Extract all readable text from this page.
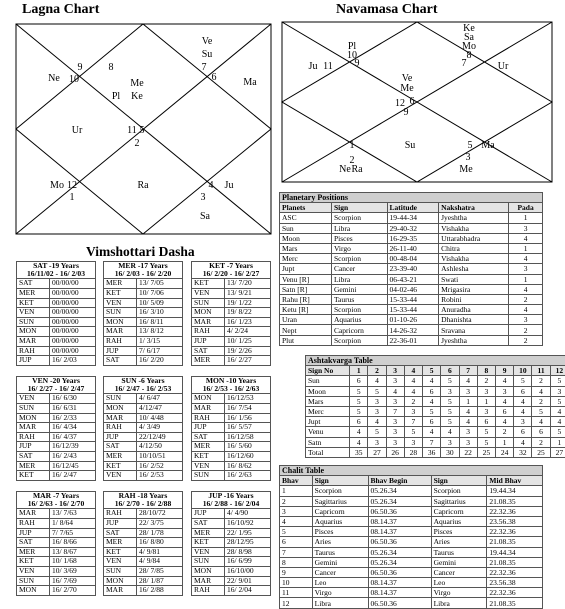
Lagna Chart
Ve
Su
7
6	Ma
8
Ne 10
9
Me
Pl Ke
Ur	11 5
2
Mo 12
1
Ra	4 Ju
3
Sa
Navamasa Chart
Ke
Sa
Mo
8
Pl
10
9
Ju 11	7	Ur
Ve
Me
6
12
9
1	Su	5 Ma
2	3
Ne Ra	Me
Vimshottari Dasha
SAT -19 Years
16/11/02 - 16/ 2/03	

SAT	00/00/00
MER	00/00/00
KET	00/00/00
VEN	00/00/00
SUN	00/00/00
MON	00/00/00
MAR	00/00/00
RAH	00/00/00
JUP	16/ 2/03
MER -17 Years
16/ 2/03 - 16/ 2/20	

MER	13/ 7/05
KET	10/ 7/06
VEN	10/ 5/09
SUN	16/ 3/10
MON	16/ 8/11
MAR	13/ 8/12
RAH	1/ 3/15
JUP	7/ 6/17
SAT	16/ 2/20
KET -7 Years
16/ 2/20 - 16/ 2/27	

KET	13/ 7/20
VEN	13/ 9/21
SUN	19/ 1/22
MON	19/ 8/22
MAR	16/ 1/23
RAH	4/ 2/24
JUP	10/ 1/25
SAT	19/ 2/26
MER	16/ 2/27
VEN -20 Years
16/ 2/27 - 16/ 2/47	

VEN	16/ 6/30
SUN	16/ 6/31
MON	16/ 2/33
MAR	16/ 4/34
RAH	16/ 4/37
JUP	16/12/39
SAT	16/ 2/43
MER	16/12/45
KET	16/ 2/47
SUN -6 Years
16/ 2/47 - 16/ 2/53	

SUN	4/ 6/47
MON	4/12/47
MAR	10/ 4/48
RAH	4/ 3/49
JUP	22/12/49
SAT	4/12/50
MER	10/10/51
KET	16/ 2/52
VEN	16/ 2/53
MON -10 Years
16/ 2/53 - 16/ 2/63	

MON	16/12/53
MAR	16/ 7/54
RAH	16/ 1/56
JUP	16/ 5/57
SAT	16/12/58
MER	16/ 5/60
KET	16/12/60
VEN	16/ 8/62
SUN	16/ 2/63
MAR -7 Years
16/ 2/63 - 16/ 2/70	

MAR	13/ 7/63
RAH	1/ 8/64
JUP	7/ 7/65
SAT	16/ 8/66
MER	13/ 8/67
KET	10/ 1/68
VEN	10/ 3/69
SUN	16/ 7/69
MON	16/ 2/70
RAH -18 Years
16/ 2/70 - 16/ 2/88	

RAH	28/10/72
JUP	22/ 3/75
SAT	28/ 1/78
MER	16/ 8/80
KET	4/ 9/81
VEN	4/ 9/84
SUN	28/ 7/85
MON	28/ 1/87
MAR	16/ 2/88
JUP -16 Years
16/ 2/88 - 16/ 2/04	

JUP	4/ 4/90
SAT	16/10/92
MER	22/ 1/95
KET	28/12/95
VEN	28/ 8/98
SUN	16/ 6/99
MON	16/10/00
MAR	22/ 9/01
RAH	16/ 2/04
Planetary Positions				
Planets	Sign	Latitude	Nakshatra	Pada
ASC	Scorpion	19-44-34	Jyeshtha	1
Sun	Libra	29-40-32	Vishakha	3
Moon	Pisces	16-29-35	Uttarabhadra	4
Mars	Virgo	26-11-40	Chitra	1
Merc	Scorpion	00-48-04	Vishakha	4
Jupt	Cancer	23-39-40	Ashlesha	3
Venu [R]	Libra	06-43-21	Swati	1
Satn [R]	Gemini	04-02-46	Mrigasira	4
Rahu [R]	Taurus	15-33-44	Robini	2
Ketu [R]	Scorpion	15-33-44	Anuradha	4
Uran	Aquarius	01-10-26	Dhanishta	3
Nept	Capricorn	14-26-32	Sravana	2
Plut	Scorpion	22-36-01	Jyeshtha	2
Ashtakvarga Table												
Sign No	1	2	3	4	5	6	7	8	9	10	11	12
Sun	6	4	3	4	4	5	4	2	4	5	2	5
Moon	5	5	4	4	6	3	3	3	3	6	4	3
Mars	5	3	3	2	4	5	1	1	4	4	2	5
Merc	5	3	7	3	5	5	4	3	6	4	5	4
Jupt	6	4	3	7	6	5	4	6	4	3	4	4
Venu	4	5	3	5	4	4	3	5	2	6	6	5
Satn	4	3	3	3	7	3	3	5	1	4	2	1
Total	35	27	26	28	36	30	22	25	24	32	25	27
Chalit Table				
Bhav	Sign	Bhav Begin	Sign	Mid Bhav
1	Scorpion	05.26.34	Scorpion	19.44.34
2	Sagittarius	05.26.34	Sagittarius	21.08.35
3	Capricorn	06.50.36	Capricorn	22.32.36
4	Aquarius	08.14.37	Aquarius	23.56.38
5	Pisces	08.14.37	Pisces	22.32.36
6	Aries	06.50.36	Aries	21.08.35
7	Taurus	05.26.34	Taurus	19.44.34
8	Gemini	05.26.34	Gemini	21.08.35
9	Cancer	06.50.36	Cancer	22.32.36
10	Leo	08.14.37	Leo	23.56.38
11	Virgo	08.14.37	Virgo	22.32.36
12	Libra	06.50.36	Libra	21.08.35
